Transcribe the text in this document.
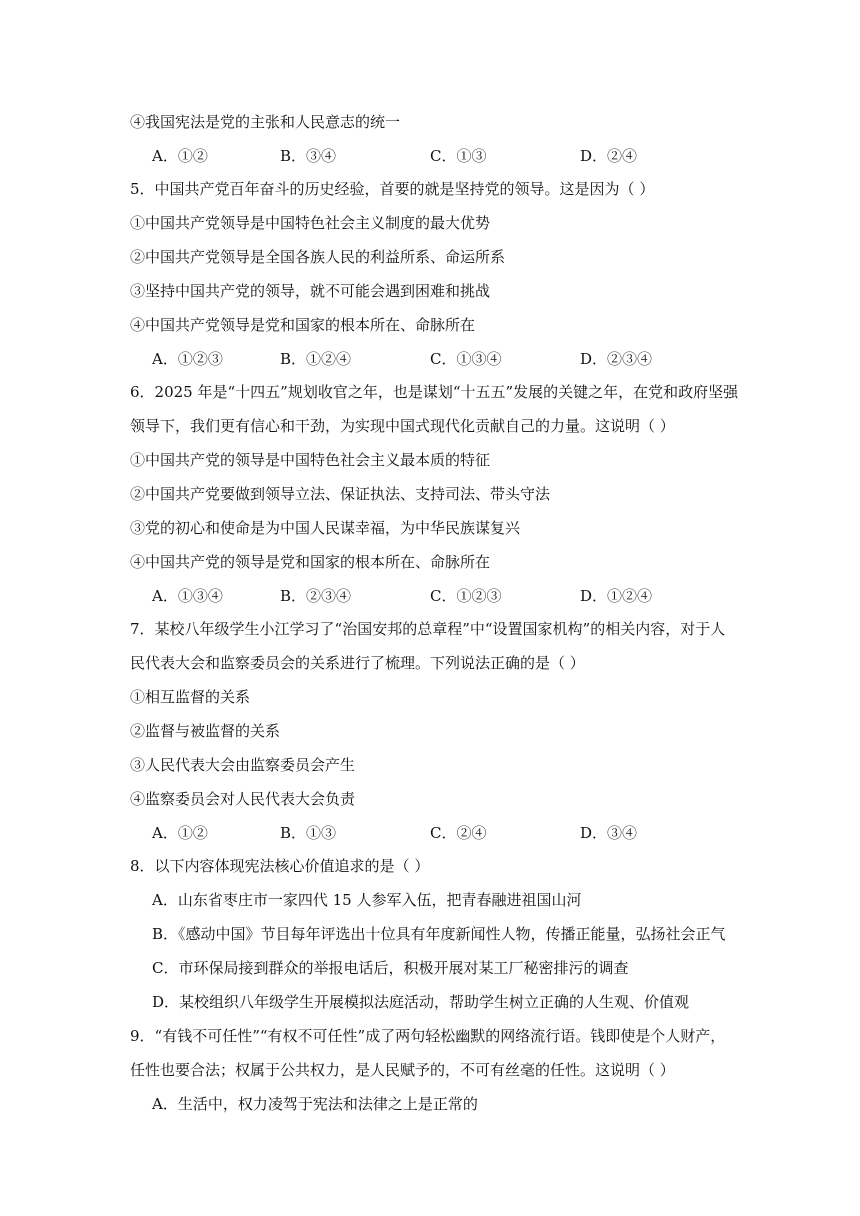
④我国宪法是党的主张和人民意志的统一
A．①②	B．③④	C．①③	D．②④
5．中国共产党百年奋斗的历史经验，首要的就是坚持党的领导。这是因为（ ）
①中国共产党领导是中国特色社会主义制度的最大优势
②中国共产党领导是全国各族人民的利益所系、命运所系
③坚持中国共产党的领导，就不可能会遇到困难和挑战
④中国共产党领导是党和国家的根本所在、命脉所在
A．①②③	B．①②④	C．①③④	D．②③④
6．2025 年是“十四五”规划收官之年，也是谋划“十五五”发展的关键之年，在党和政府坚强
领导下，我们更有信心和干劲，为实现中国式现代化贡献自己的力量。这说明（ ）
①中国共产党的领导是中国特色社会主义最本质的特征
②中国共产党要做到领导立法、保证执法、支持司法、带头守法
③党的初心和使命是为中国人民谋幸福，为中华民族谋复兴
④中国共产党的领导是党和国家的根本所在、命脉所在
A．①③④	B．②③④	C．①②③	D．①②④
7．某校八年级学生小江学习了“治国安邦的总章程”中“设置国家机构”的相关内容，对于人
民代表大会和监察委员会的关系进行了梳理。下列说法正确的是（ ）
①相互监督的关系
②监督与被监督的关系
③人民代表大会由监察委员会产生
④监察委员会对人民代表大会负责
A．①②	B．①③	C．②④	D．③④
8．以下内容体现宪法核心价值追求的是（ ）
A．山东省枣庄市一家四代 15 人参军入伍，把青春融进祖国山河
B．《感动中国》节目每年评选出十位具有年度新闻性人物，传播正能量，弘扬社会正气
C．市环保局接到群众的举报电话后，积极开展对某工厂秘密排污的调查
D．某校组织八年级学生开展模拟法庭活动，帮助学生树立正确的人生观、价值观
9．“有钱不可任性”“有权不可任性”成了两句轻松幽默的网络流行语。钱即使是个人财产，
任性也要合法；权属于公共权力，是人民赋予的，不可有丝毫的任性。这说明（ ）
A．生活中，权力凌驾于宪法和法律之上是正常的
